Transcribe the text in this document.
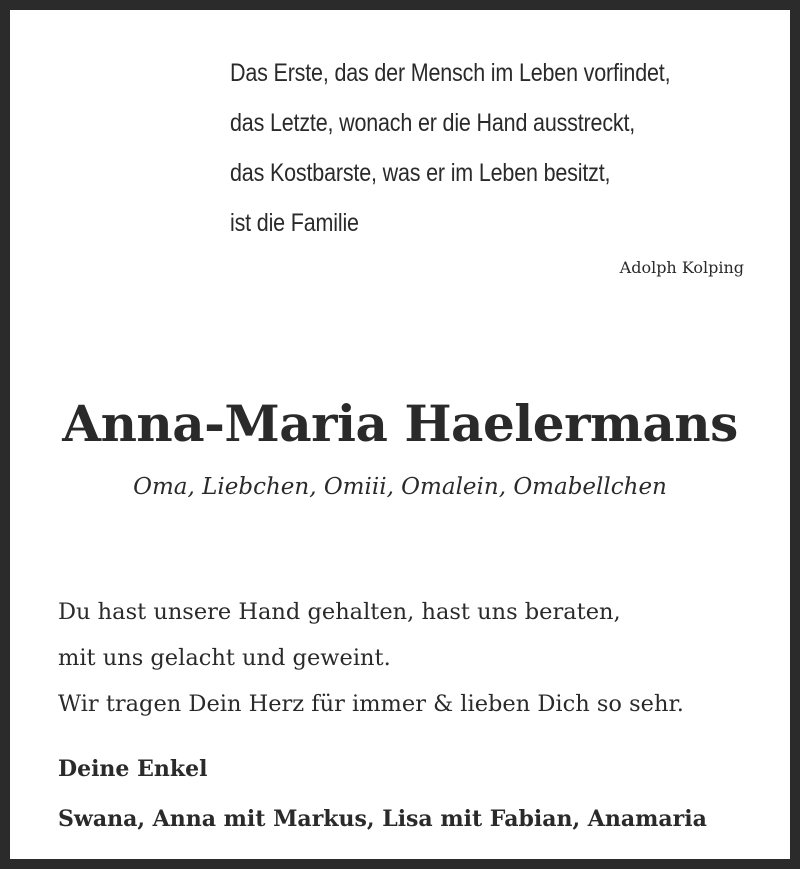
Das Erste, das der Mensch im Leben vorfindet,
das Letzte, wonach er die Hand ausstreckt,
das Kostbarste, was er im Leben besitzt,
ist die Familie
Adolph Kolping
Anna-Maria Haelermans
Oma, Liebchen, Omiii, Omalein, Omabellchen
Du hast unsere Hand gehalten, hast uns beraten,
mit uns gelacht und geweint.
Wir tragen Dein Herz für immer & lieben Dich so sehr.
Deine Enkel
Swana, Anna mit Markus, Lisa mit Fabian, Anamaria
